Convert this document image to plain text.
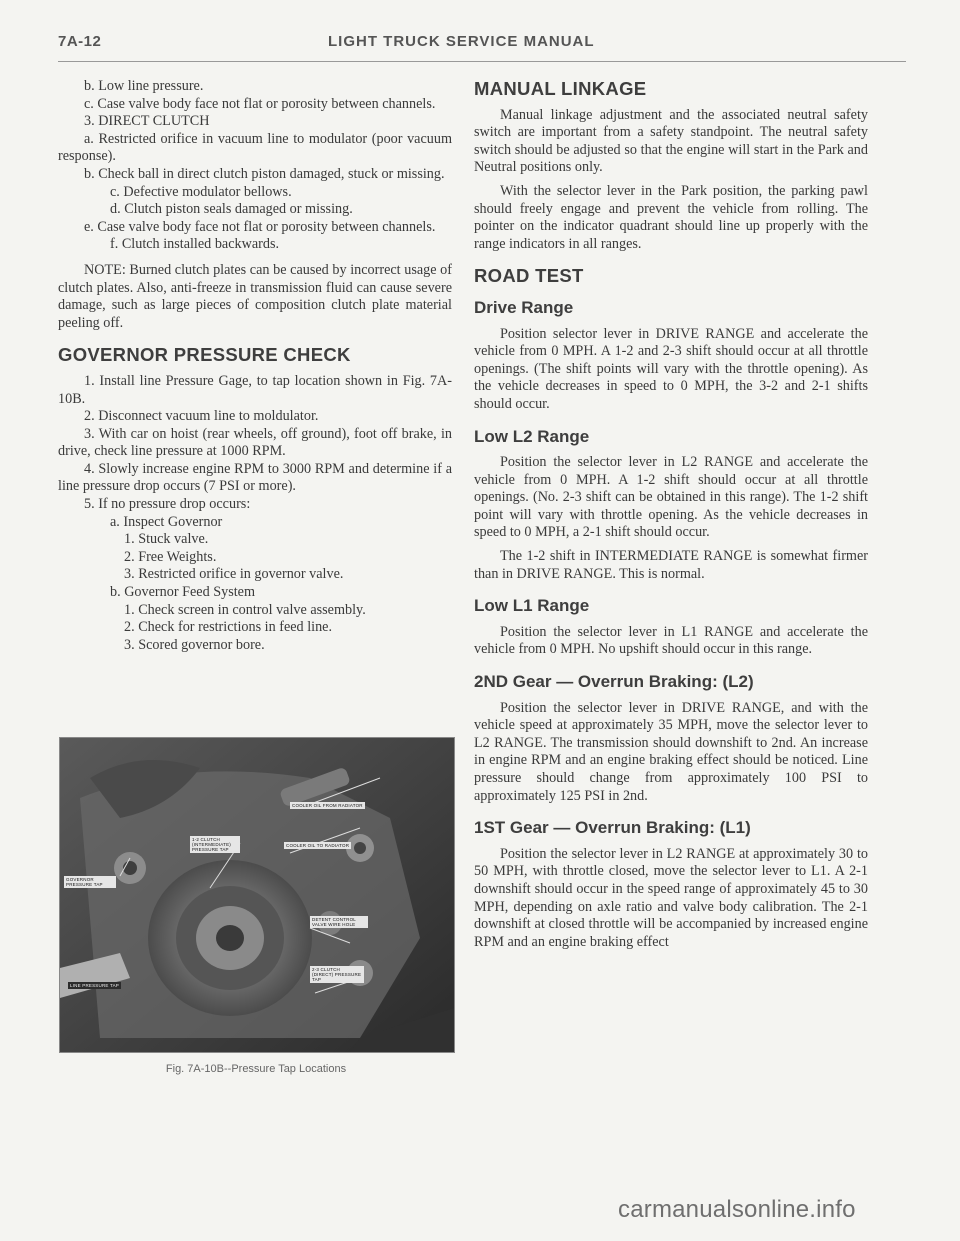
7A-12	LIGHT TRUCK SERVICE MANUAL

b. Low line pressure.

c. Case valve body face not flat or porosity between channels.

3. DIRECT CLUTCH

a. Restricted orifice in vacuum line to modulator (poor vacuum response).

b. Check ball in direct clutch piston damaged, stuck or missing.

c. Defective modulator bellows.

d. Clutch piston seals damaged or missing.

e. Case valve body face not flat or porosity between channels.

f. Clutch installed backwards.

NOTE: Burned clutch plates can be caused by incorrect usage of clutch plates. Also, anti-freeze in transmission fluid can cause severe damage, such as large pieces of composition clutch plate material peeling off.

GOVERNOR PRESSURE CHECK

1. Install line Pressure Gage, to tap location shown in Fig. 7A-10B.

2. Disconnect vacuum line to moldulator.

3. With car on hoist (rear wheels, off ground), foot off brake, in drive, check line pressure at 1000 RPM.

4. Slowly increase engine RPM to 3000 RPM and determine if a line pressure drop occurs (7 PSI or more).

5. If no pressure drop occurs:

a. Inspect Governor

1. Stuck valve.

2. Free Weights.

3. Restricted orifice in governor valve.

b. Governor Feed System

1. Check screen in control valve assembly.

2. Check for restrictions in feed line.

3. Scored governor bore.

COOLER OIL FROM RADIATOR
COOLER OIL TO RADIATOR
1-2 CLUTCH (INTERMEDIATE) PRESSURE TAP
GOVERNOR PRESSURE TAP
DETENT CONTROL VALVE WIRE HOLE
2-3 CLUTCH (DIRECT) PRESSURE TAP
LINE PRESSURE TAP
Fig. 7A-10B--Pressure Tap Locations
MANUAL LINKAGE

Manual linkage adjustment and the associated neutral safety switch are important from a safety standpoint. The neutral safety switch should be adjusted so that the engine will start in the Park and Neutral positions only.

With the selector lever in the Park position, the parking pawl should freely engage and prevent the vehicle from rolling. The pointer on the indicator quadrant should line up properly with the range indicators in all ranges.

ROAD TEST
Drive Range

Position selector lever in DRIVE RANGE and accelerate the vehicle from 0 MPH. A 1-2 and 2-3 shift should occur at all throttle openings. (The shift points will vary with the throttle opening). As the vehicle decreases in speed to 0 MPH, the 3-2 and 2-1 shifts should occur.

Low L2 Range

Position the selector lever in L2 RANGE and accelerate the vehicle from 0 MPH. A 1-2 shift should occur at all throttle openings. (No. 2-3 shift can be obtained in this range). The 1-2 shift point will vary with throttle opening. As the vehicle decreases in speed to 0 MPH, a 2-1 shift should occur.

The 1-2 shift in INTERMEDIATE RANGE is somewhat firmer than in DRIVE RANGE. This is normal.

Low L1 Range

Position the selector lever in L1 RANGE and accelerate the vehicle from 0 MPH. No upshift should occur in this range.

2ND Gear — Overrun Braking: (L2)

Position the selector lever in DRIVE RANGE, and with the vehicle speed at approximately 35 MPH, move the selector lever to L2 RANGE. The transmission should downshift to 2nd. An increase in engine RPM and an engine braking effect should be noticed. Line pressure should change from approximately 100 PSI to approximately 125 PSI in 2nd.

1ST Gear — Overrun Braking: (L1)

Position the selector lever in L2 RANGE at approximately 30 to 50 MPH, with throttle closed, move the selector lever to L1. A 2-1 downshift should occur in the speed range of approximately 45 to 30 MPH, depending on axle ratio and valve body calibration. The 2-1 downshift at closed throttle will be accompanied by increased engine RPM and an engine braking effect

carmanualsonline.info
